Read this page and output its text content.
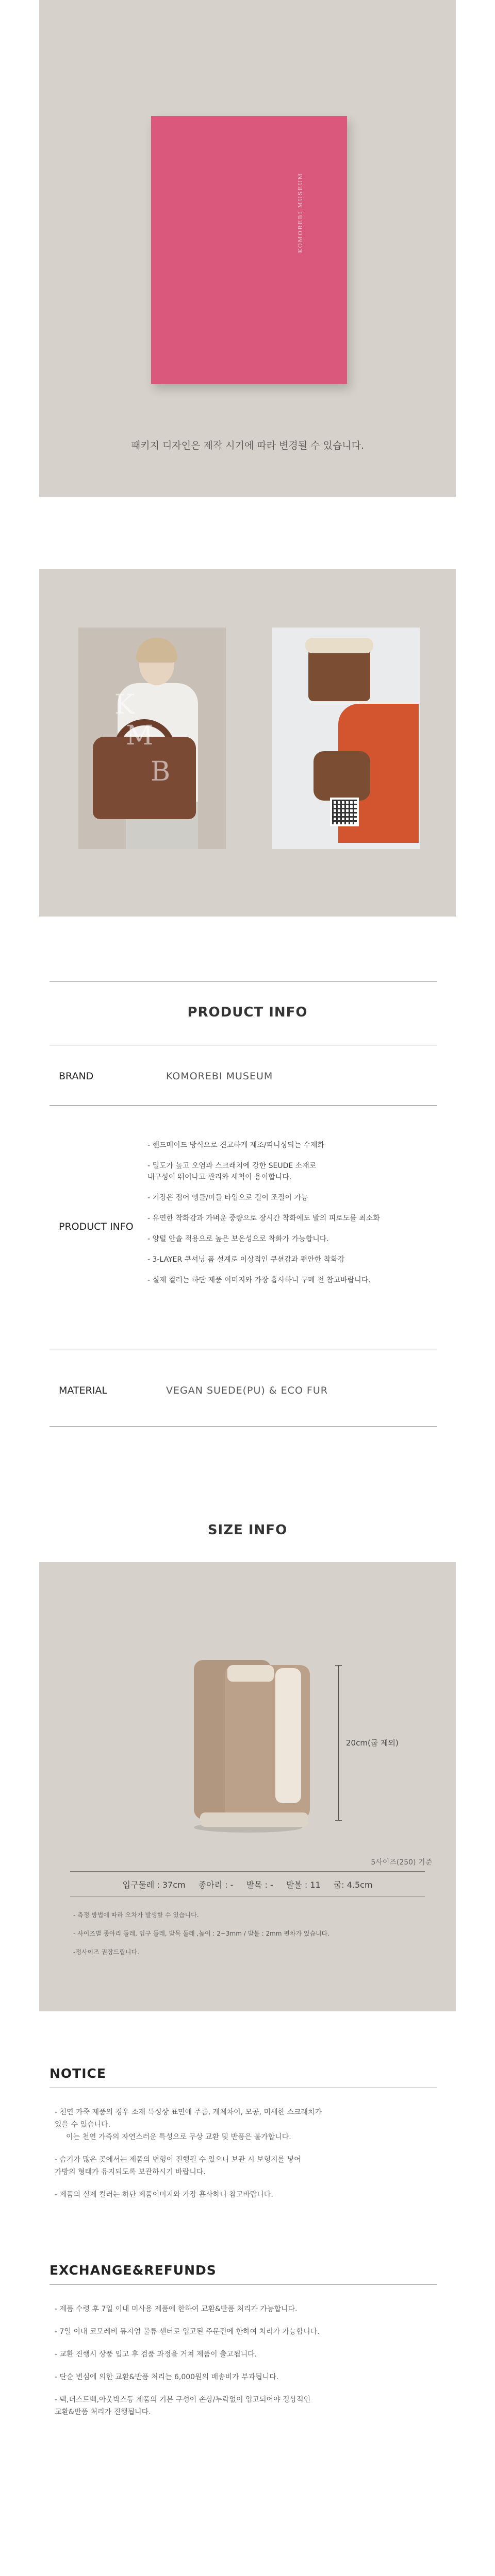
KOMOREBI MUSEUM

패키지 디자인은 제작 시기에 따라 변경될 수 있습니다.

K
M
B
PRODUCT INFO
BRAND	KOMOREBI MUSEUM
PRODUCT INFO
- 핸드메이드 방식으로 견고하게 제조/피니싱되는 수제화
- 밀도가 높고 오염과 스크래치에 강한 SEUDE 소재로
내구성이 뛰어나고 관리와 세척이 용이합니다.
- 기장은 접어 앵클/미들 타입으로 길이 조절이 가능
- 유연한 착화감과 가벼운 중량으로 장시간 착화에도 발의 피로도를 최소화
- 양털 안솔 적용으로 높은 보온성으로 착화가 가능합니다.
- 3-LAYER 쿠셔닝 폼 설계로 이상적인 쿠션감과 편안한 착화감
- 실제 컬러는 하단 제품 이미지와 가장 흡사하니 구매 전 참고바랍니다.
MATERIAL	VEGAN SUEDE(PU) & ECO FUR
SIZE INFO
20cm(굽 제외)
5사이즈(250) 기준
입구둘레 : 37cm 종아리 : - 발목 : - 발볼 : 11 굽: 4.5cm
- 측정 방법에 따라 오차가 발생할 수 있습니다.
- 사이즈별 종아리 둘레, 입구 둘레, 발목 둘레 ,높이 : 2~3mm / 발볼 : 2mm 편차가 있습니다.
-정사이즈 권장드립니다.
NOTICE
- 천연 가죽 제품의 경우 소재 특성상 표면에 주름, 개체차이, 모공, 미세한 스크래치가
있을 수 있습니다.
이는 천연 가죽의 자연스러운 특성으로 무상 교환 및 반품은 불가합니다.
- 습기가 많은 곳에서는 제품의 변형이 진행될 수 있으니 보관 시 보형지를 넣어
가방의 형태가 유지되도록 보관하시기 바랍니다.
- 제품의 실제 컬러는 하단 제품이미지와 가장 흡사하니 참고바랍니다.
EXCHANGE&REFUNDS
- 제품 수령 후 7일 이내 미사용 제품에 한하여 교환&반품 처리가 가능합니다.
- 7일 이내 코모레비 뮤지엄 물류 센터로 입고된 주문건에 한하여 처리가 가능합니다.
- 교환 진행시 상품 입고 후 검품 과정을 거쳐 제품이 출고됩니다.
- 단순 변심에 의한 교환&반품 처리는 6,000원의 배송비가 부과됩니다.
- 택,더스트백,아웃박스등 제품의 기본 구성이 손상/누락없이 입고되어야 정상적인
교환&반품 처리가 진행됩니다.
